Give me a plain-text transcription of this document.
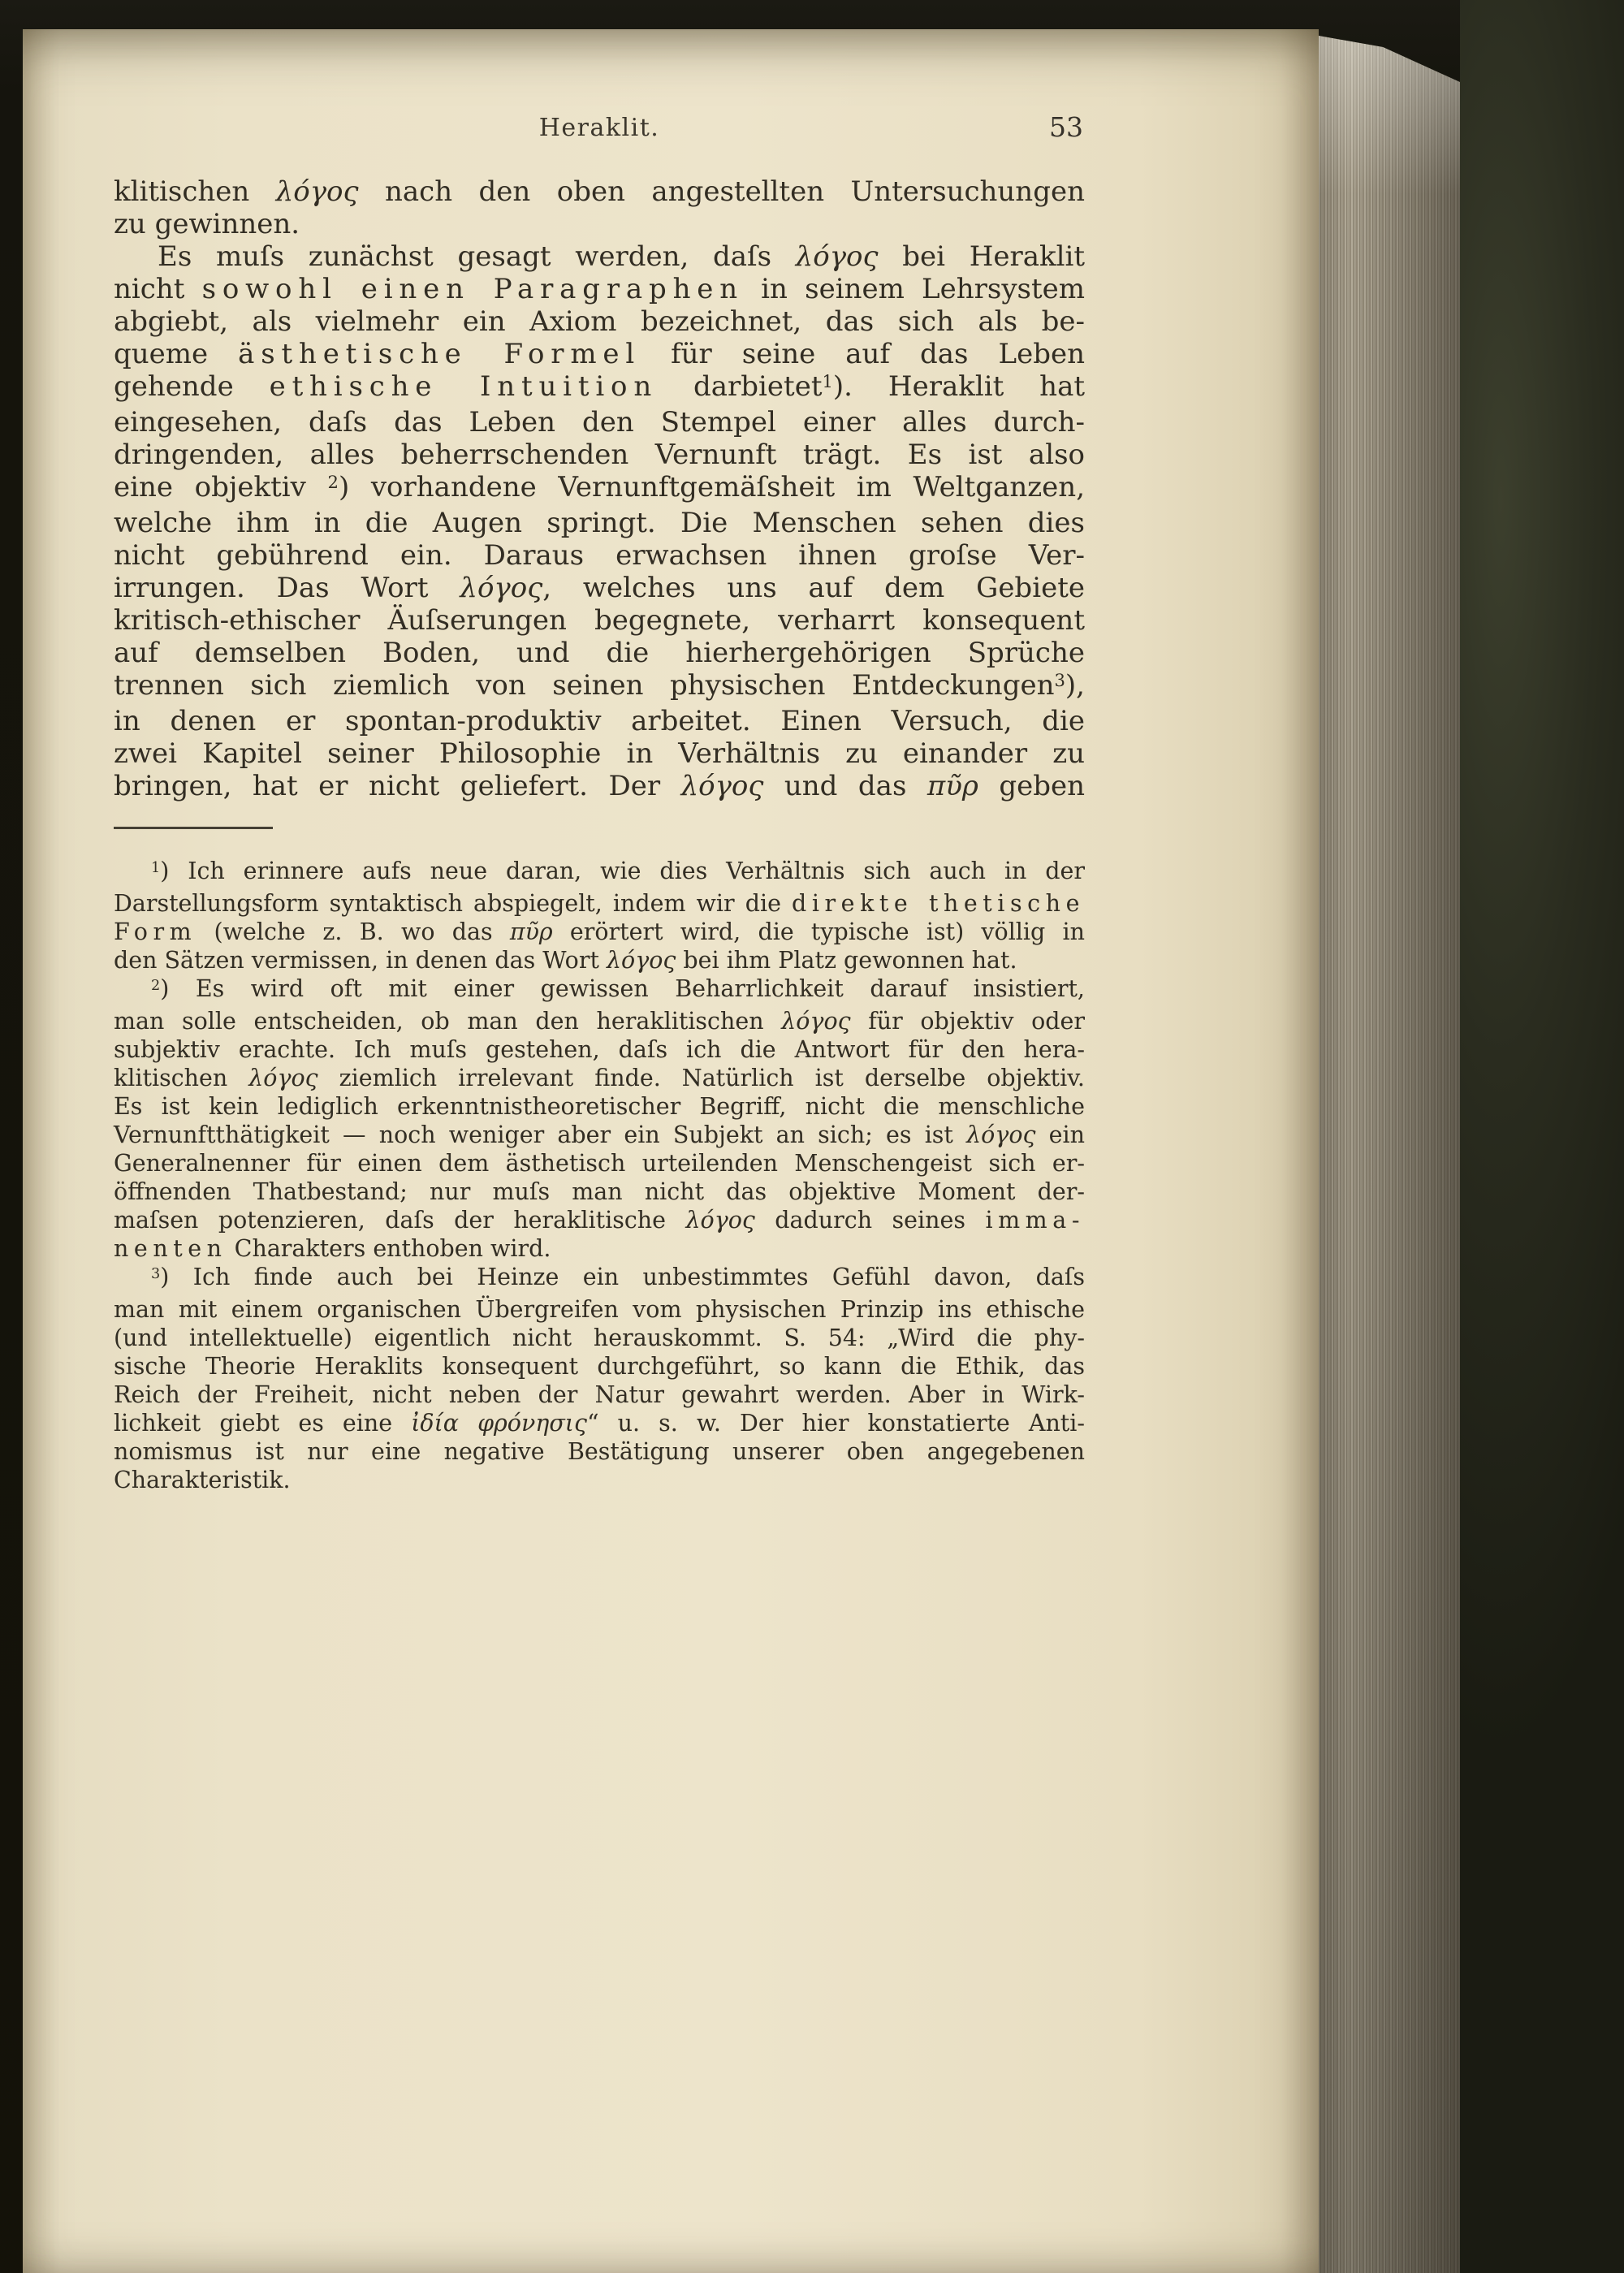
Heraklit.	53
klitischen λόγος nach den oben angestellten Untersuchungen
zu gewinnen.
Es muſs zunächst gesagt werden, daſs λόγος bei Heraklit
nicht sowohl einen Paragraphen in seinem Lehrsystem
abgiebt, als vielmehr ein Axiom bezeichnet, das sich als be-
queme ästhetische Formel für seine auf das Leben
gehende ethische Intuition darbietet$^1$). Heraklit hat
eingesehen, daſs das Leben den Stempel einer alles durch-
dringenden, alles beherrschenden Vernunft trägt. Es ist also
eine objektiv $^2$) vorhandene Vernunftgemäſsheit im Weltganzen,
welche ihm in die Augen springt. Die Menschen sehen dies
nicht gebührend ein. Daraus erwachsen ihnen groſse Ver-
irrungen. Das Wort λόγος, welches uns auf dem Gebiete
kritisch-ethischer Äuſserungen begegnete, verharrt konsequent
auf demselben Boden, und die hierhergehörigen Sprüche
trennen sich ziemlich von seinen physischen Entdeckungen$^3$),
in denen er spontan-produktiv arbeitet. Einen Versuch, die
zwei Kapitel seiner Philosophie in Verhältnis zu einander zu
bringen, hat er nicht geliefert. Der λόγος und das πῦρ geben
$^1$) Ich erinnere aufs neue daran, wie dies Verhältnis sich auch in der
Darstellungsform syntaktisch abspiegelt, indem wir die direkte thetische
Form (welche z. B. wo das πῦρ erörtert wird, die typische ist) völlig in
den Sätzen vermissen, in denen das Wort λόγος bei ihm Platz gewonnen hat.
$^2$) Es wird oft mit einer gewissen Beharrlichkeit darauf insistiert,
man solle entscheiden, ob man den heraklitischen λόγος für objektiv oder
subjektiv erachte. Ich muſs gestehen, daſs ich die Antwort für den hera-
klitischen λόγος ziemlich irrelevant finde. Natürlich ist derselbe objektiv.
Es ist kein lediglich erkenntnistheoretischer Begriff, nicht die menschliche
Vernunftthätigkeit — noch weniger aber ein Subjekt an sich; es ist λόγος ein
Generalnenner für einen dem ästhetisch urteilenden Menschengeist sich er-
öffnenden Thatbestand; nur muſs man nicht das objektive Moment der-
maſsen potenzieren, daſs der heraklitische λόγος dadurch seines imma-
nenten Charakters enthoben wird.
$^3$) Ich finde auch bei Heinze ein unbestimmtes Gefühl davon, daſs
man mit einem organischen Übergreifen vom physischen Prinzip ins ethische
(und intellektuelle) eigentlich nicht herauskommt. S. 54: „Wird die phy-
sische Theorie Heraklits konsequent durchgeführt, so kann die Ethik, das
Reich der Freiheit, nicht neben der Natur gewahrt werden. Aber in Wirk-
lichkeit giebt es eine ἰδία φρόνησις“ u. s. w. Der hier konstatierte Anti-
nomismus ist nur eine negative Bestätigung unserer oben angegebenen
Charakteristik.
